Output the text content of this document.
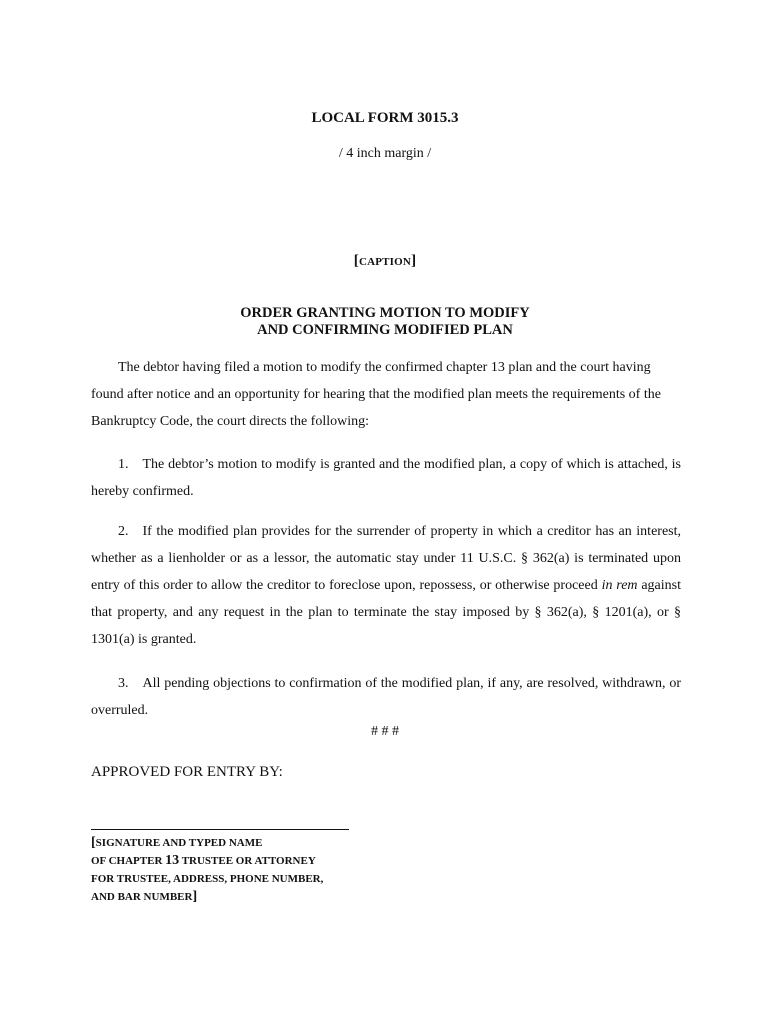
LOCAL FORM 3015.3
/ 4 inch margin /
[CAPTION]
ORDER GRANTING MOTION TO MODIFY
AND CONFIRMING MODIFIED PLAN

The debtor having filed a motion to modify the confirmed chapter 13 plan and the court having found after notice and an opportunity for hearing that the modified plan meets the requirements of the Bankruptcy Code, the court directs the following:

1. The debtor’s motion to modify is granted and the modified plan, a copy of which is attached, is hereby confirmed.

2. If the modified plan provides for the surrender of property in which a creditor has an interest, whether as a lienholder or as a lessor, the automatic stay under 11 U.S.C. § 362(a) is terminated upon entry of this order to allow the creditor to foreclose upon, repossess, or otherwise proceed in rem against that property, and any request in the plan to terminate the stay imposed by § 362(a), § 1201(a), or § 1301(a) is granted.

3. All pending objections to confirmation of the modified plan, if any, are resolved, withdrawn, or overruled.

# # #
APPROVED FOR ENTRY BY:
[SIGNATURE AND TYPED NAME
OF CHAPTER 13 TRUSTEE OR ATTORNEY
FOR TRUSTEE, ADDRESS, PHONE NUMBER,
AND BAR NUMBER]
